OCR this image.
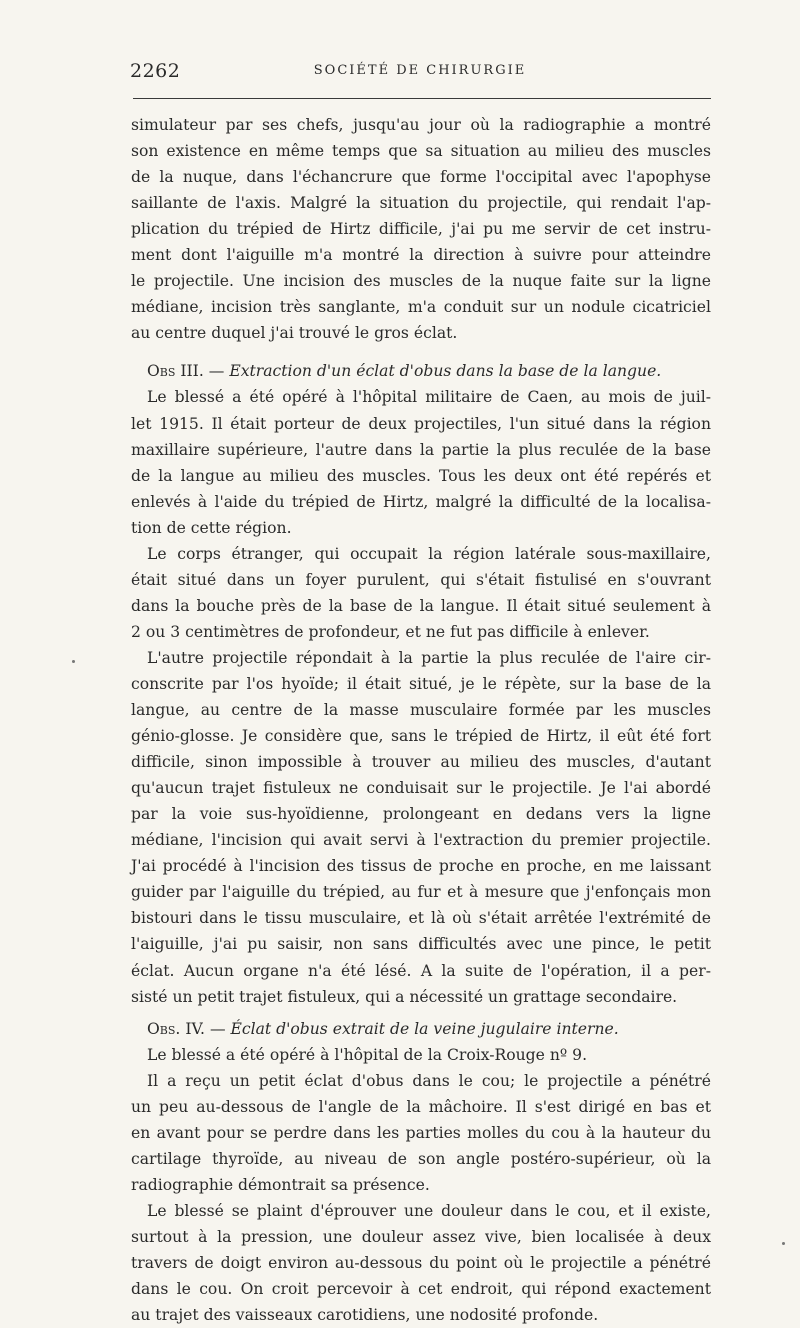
2262	SOCIÉTÉ DE CHIRURGIE
simulateur par ses chefs, jusqu'au jour où la radiographie a montré
son existence en même temps que sa situation au milieu des muscles
de la nuque, dans l'échancrure que forme l'occipital avec l'apophyse
saillante de l'axis. Malgré la situation du projectile, qui rendait l'ap-
plication du trépied de Hirtz difficile, j'ai pu me servir de cet instru-
ment dont l'aiguille m'a montré la direction à suivre pour atteindre
le projectile. Une incision des muscles de la nuque faite sur la ligne
médiane, incision très sanglante, m'a conduit sur un nodule cicatriciel
au centre duquel j'ai trouvé le gros éclat.
Obs III. — Extraction d'un éclat d'obus dans la base de la langue.
Le blessé a été opéré à l'hôpital militaire de Caen, au mois de juil-
let 1915. Il était porteur de deux projectiles, l'un situé dans la région
maxillaire supérieure, l'autre dans la partie la plus reculée de la base
de la langue au milieu des muscles. Tous les deux ont été repérés et
enlevés à l'aide du trépied de Hirtz, malgré la difficulté de la localisa-
tion de cette région.
Le corps étranger, qui occupait la région latérale sous-maxillaire,
était situé dans un foyer purulent, qui s'était fistulisé en s'ouvrant
dans la bouche près de la base de la langue. Il était situé seulement à
2 ou 3 centimètres de profondeur, et ne fut pas difficile à enlever.
L'autre projectile répondait à la partie la plus reculée de l'aire cir-
conscrite par l'os hyoïde; il était situé, je le répète, sur la base de la
langue, au centre de la masse musculaire formée par les muscles
génio-glosse. Je considère que, sans le trépied de Hirtz, il eût été fort
difficile, sinon impossible à trouver au milieu des muscles, d'autant
qu'aucun trajet fistuleux ne conduisait sur le projectile. Je l'ai abordé
par la voie sus-hyoïdienne, prolongeant en dedans vers la ligne
médiane, l'incision qui avait servi à l'extraction du premier projectile.
J'ai procédé à l'incision des tissus de proche en proche, en me laissant
guider par l'aiguille du trépied, au fur et à mesure que j'enfonçais mon
bistouri dans le tissu musculaire, et là où s'était arrêtée l'extrémité de
l'aiguille, j'ai pu saisir, non sans difficultés avec une pince, le petit
éclat. Aucun organe n'a été lésé. A la suite de l'opération, il a per-
sisté un petit trajet fistuleux, qui a nécessité un grattage secondaire.
Obs. IV. — Éclat d'obus extrait de la veine jugulaire interne.
Le blessé a été opéré à l'hôpital de la Croix-Rouge nº 9.
Il a reçu un petit éclat d'obus dans le cou; le projectile a pénétré
un peu au-dessous de l'angle de la mâchoire. Il s'est dirigé en bas et
en avant pour se perdre dans les parties molles du cou à la hauteur du
cartilage thyroïde, au niveau de son angle postéro-supérieur, où la
radiographie démontrait sa présence.
Le blessé se plaint d'éprouver une douleur dans le cou, et il existe,
surtout à la pression, une douleur assez vive, bien localisée à deux
travers de doigt environ au-dessous du point où le projectile a pénétré
dans le cou. On croit percevoir à cet endroit, qui répond exactement
au trajet des vaisseaux carotidiens, une nodosité profonde.
